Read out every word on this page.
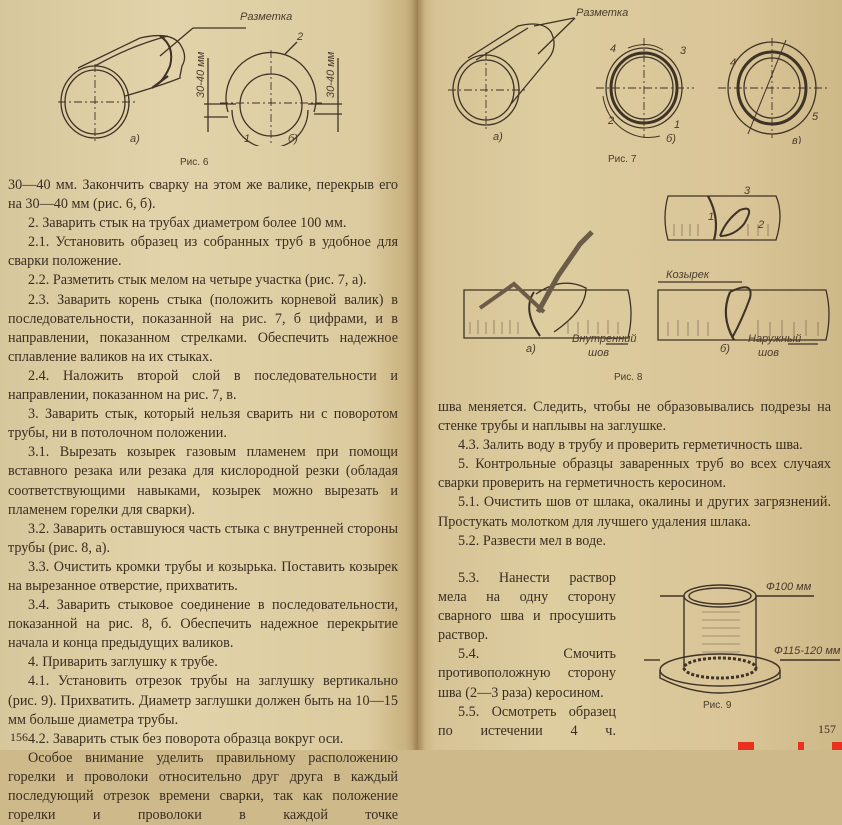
Разметка
а)	б)
1
2
30-40 мм	30-40 мм
Рис. 6

30—40 мм. Закончить сварку на этом же валике, перекрыв его на 30—40 мм (рис. 6, б).

2. Заварить стык на трубах диаметром более 100 мм.

2.1. Установить образец из собранных труб в удобное для сварки положение.

2.2. Разметить стык мелом на четыре участка (рис. 7, а).

2.3. Заварить корень стыка (положить корневой валик) в последовательности, показанной на рис. 7, б цифрами, и в направлении, показанном стрелками. Обеспечить надежное сплавление валиков на их стыках.

2.4. Наложить второй слой в последовательности и направлении, показанном на рис. 7, в.

3. Заварить стык, который нельзя сварить ни с поворотом трубы, ни в потолочном положении.

3.1. Вырезать козырек газовым пламенем при помощи вставного резака или резака для кислородной резки (обладая соответствующими навыками, козырек можно вырезать и пламенем горелки для сварки).

3.2. Заварить оставшуюся часть стыка с внутренней стороны трубы (рис. 8, а).

3.3. Очистить кромки трубы и козырька. Поставить козырек на вырезанное отверстие, прихватить.

3.4. Заварить стыковое соединение в последовательности, показанной на рис. 8, б. Обеспечить надежное перекрытие начала и конца предыдущих валиков.

4. Приварить заглушку к трубе.

4.1. Установить отрезок трубы на заглушку вертикально (рис. 9). Прихватить. Диаметр заглушки должен быть на 10—15 мм больше диаметра трубы.

4.2. Заварить стык без поворота образца вокруг оси.

Особое внимание уделить правильному расположению горелки и проволоки относительно друг друга в каждый последующий отрезок времени сварки, так как положение горелки и проволоки в каждой точке

156
Разметка
а)	б)	в)
1
2
3
4
4
5
Рис. 7
1
2
3
Козырек
а)	б)
Внутренний
шов
Наружный
шов
Рис. 8

шва меняется. Следить, чтобы не образовывались подрезы на стенке трубы и наплывы на заглушке.

4.3. Залить воду в трубу и проверить герметичность шва.

5. Контрольные образцы заваренных труб во всех случаях сварки проверить на герметичность керосином.

5.1. Очистить шов от шлака, окалины и других загрязнений. Простукать молотком для лучшего удаления шлака.

5.2. Развести мел в воде.

5.3. Нанести раствор мела на одну сторону сварного шва и просушить раствор.

5.4. Смочить противоположную сторону шва (2—3 раза) керосином.

5.5. Осмотреть образец по истечении 4 ч.

Ф100 мм
Ф115-120 мм
Рис. 9
157
